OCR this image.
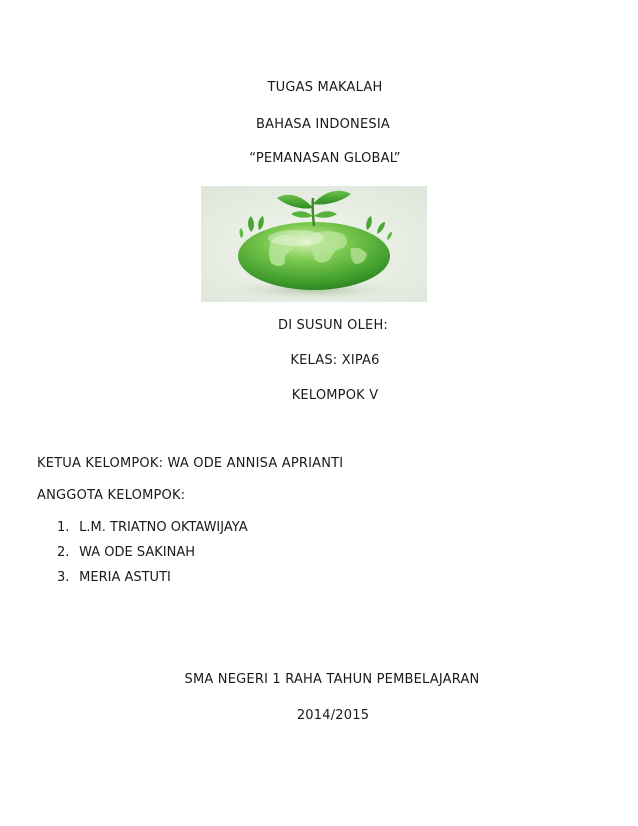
TUGAS MAKALAH
BAHASA INDONESIA
“PEMANASAN GLOBAL”
DI SUSUN OLEH:
KELAS: XIPA6
KELOMPOK V
KETUA KELOMPOK: WA ODE ANNISA APRIANTI
ANGGOTA KELOMPOK:
1. L.M. TRIATNO OKTAWIJAYA
2. WA ODE SAKINAH
3. MERIA ASTUTI
SMA NEGERI 1 RAHA TAHUN PEMBELAJARAN
2014/2015
